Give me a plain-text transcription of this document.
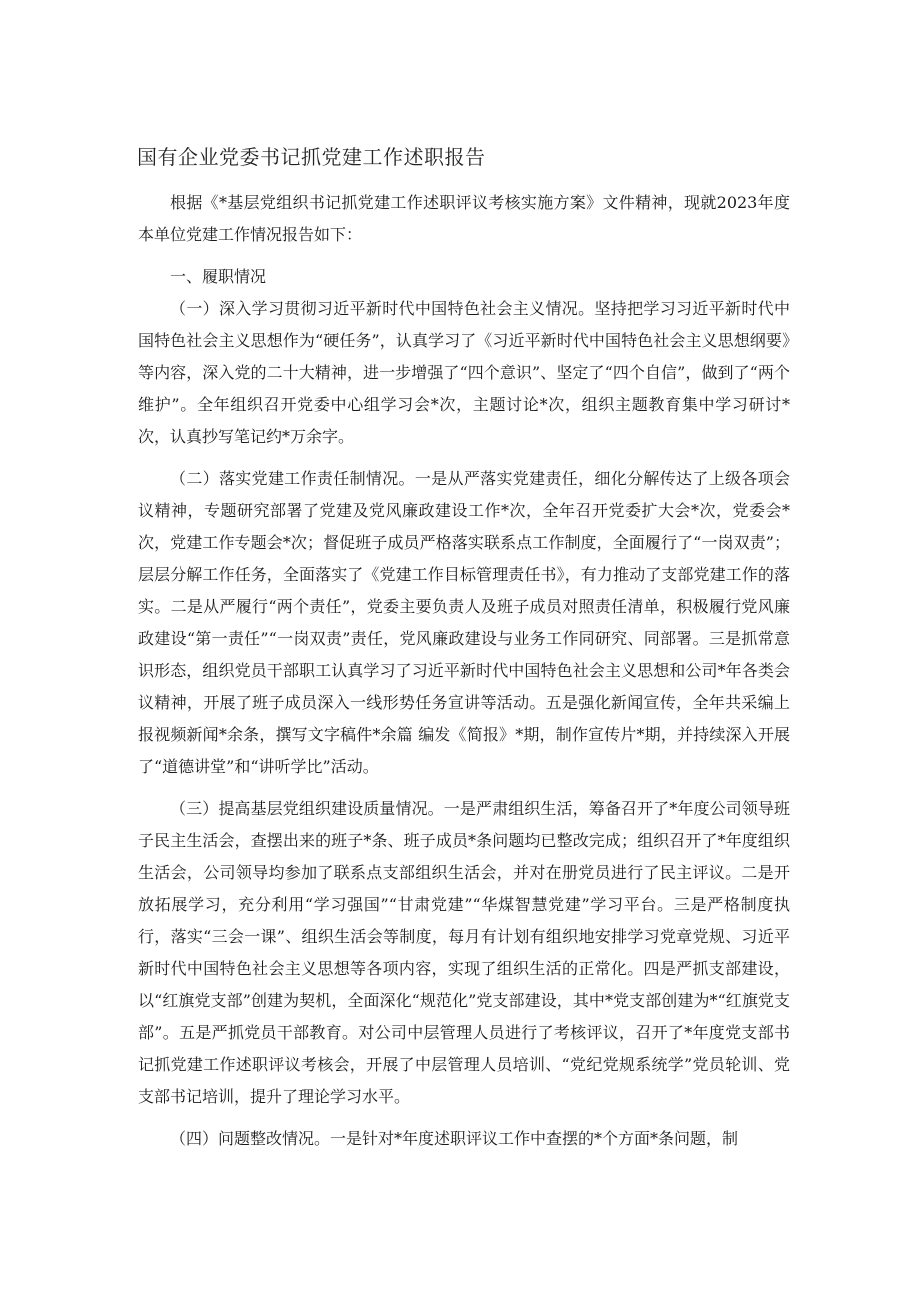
国有企业党委书记抓党建工作述职报告

根据《*基层党组织书记抓党建工作述职评议考核实施方案》文件精神，现就2023年度本单位党建工作情况报告如下：

一、履职情况

（一）深入学习贯彻习近平新时代中国特色社会主义情况。坚持把学习习近平新时代中国特色社会主义思想作为“硬任务”，认真学习了《习近平新时代中国特色社会主义思想纲要》等内容，深入党的二十大精神，进一步增强了“四个意识”、坚定了“四个自信”，做到了“两个维护”。全年组织召开党委中心组学习会*次，主题讨论*次，组织主题教育集中学习研讨*次，认真抄写笔记约*万余字。

（二）落实党建工作责任制情况。一是从严落实党建责任，细化分解传达了上级各项会议精神，专题研究部署了党建及党风廉政建设工作*次，全年召开党委扩大会*次，党委会*次，党建工作专题会*次；督促班子成员严格落实联系点工作制度，全面履行了“一岗双责”；层层分解工作任务，全面落实了《党建工作目标管理责任书》，有力推动了支部党建工作的落实。二是从严履行“两个责任”，党委主要负责人及班子成员对照责任清单，积极履行党风廉政建设“第一责任”“一岗双责”责任，党风廉政建设与业务工作同研究、同部署。三是抓常意识形态，组织党员干部职工认真学习了习近平新时代中国特色社会主义思想和公司*年各类会议精神，开展了班子成员深入一线形势任务宣讲等活动。五是强化新闻宣传，全年共采编上报视频新闻*余条，撰写文字稿件*余篇 编发《简报》*期，制作宣传片*期，并持续深入开展了“道德讲堂”和“讲听学比”活动。

（三）提高基层党组织建设质量情况。一是严肃组织生活，筹备召开了*年度公司领导班子民主生活会，查摆出来的班子*条、班子成员*条问题均已整改完成；组织召开了*年度组织生活会，公司领导均参加了联系点支部组织生活会，并对在册党员进行了民主评议。二是开放拓展学习，充分利用“学习强国”“甘肃党建”“华煤智慧党建”学习平台。三是严格制度执行，落实“三会一课”、组织生活会等制度，每月有计划有组织地安排学习党章党规、习近平新时代中国特色社会主义思想等各项内容，实现了组织生活的正常化。四是严抓支部建设，以“红旗党支部”创建为契机，全面深化“规范化”党支部建设，其中*党支部创建为*“红旗党支部”。五是严抓党员干部教育。对公司中层管理人员进行了考核评议，召开了*年度党支部书记抓党建工作述职评议考核会，开展了中层管理人员培训、“党纪党规系统学”党员轮训、党支部书记培训，提升了理论学习水平。

（四）问题整改情况。一是针对*年度述职评议工作中查摆的*个方面*条问题，制
